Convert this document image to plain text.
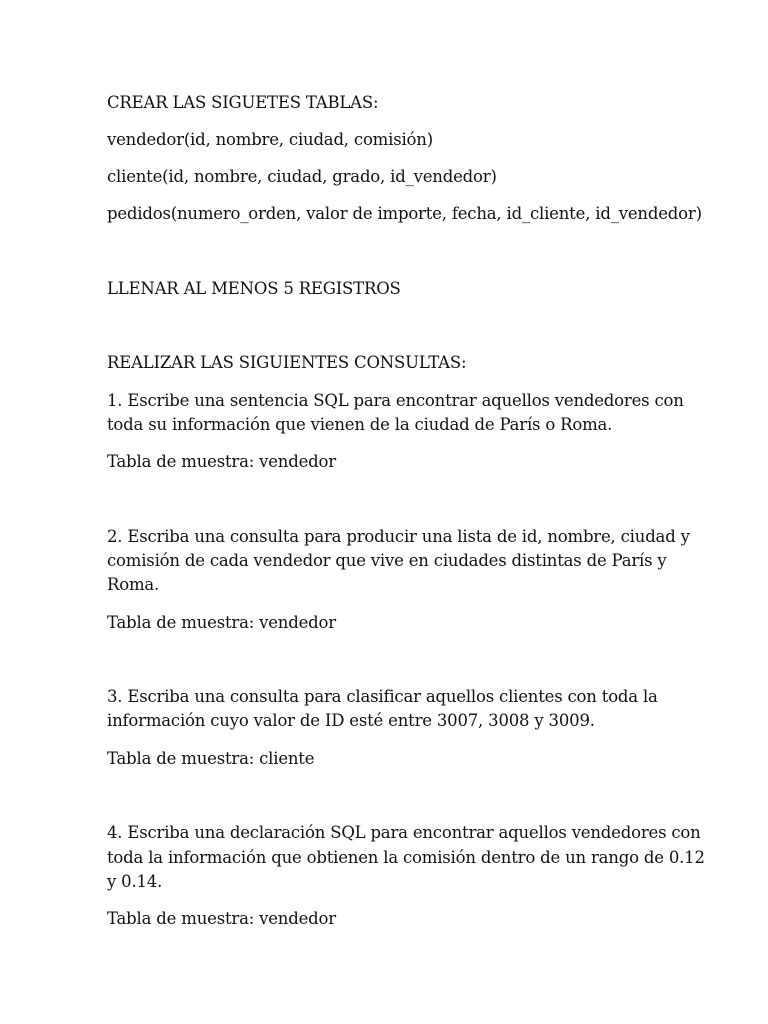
CREAR LAS SIGUETES TABLAS:
vendedor(id, nombre, ciudad, comisión)
cliente(id, nombre, ciudad, grado, id_vendedor)
pedidos(numero_orden, valor de importe, fecha, id_cliente, id_vendedor)
LLENAR AL MENOS 5 REGISTROS
REALIZAR LAS SIGUIENTES CONSULTAS:
1. Escribe una sentencia SQL para encontrar aquellos vendedores con
toda su información que vienen de la ciudad de París o Roma.
Tabla de muestra: vendedor
2. Escriba una consulta para producir una lista de id, nombre, ciudad y
comisión de cada vendedor que vive en ciudades distintas de París y
Roma.
Tabla de muestra: vendedor
3. Escriba una consulta para clasificar aquellos clientes con toda la
información cuyo valor de ID esté entre 3007, 3008 y 3009.
Tabla de muestra: cliente
4. Escriba una declaración SQL para encontrar aquellos vendedores con
toda la información que obtienen la comisión dentro de un rango de 0.12
y 0.14.
Tabla de muestra: vendedor
